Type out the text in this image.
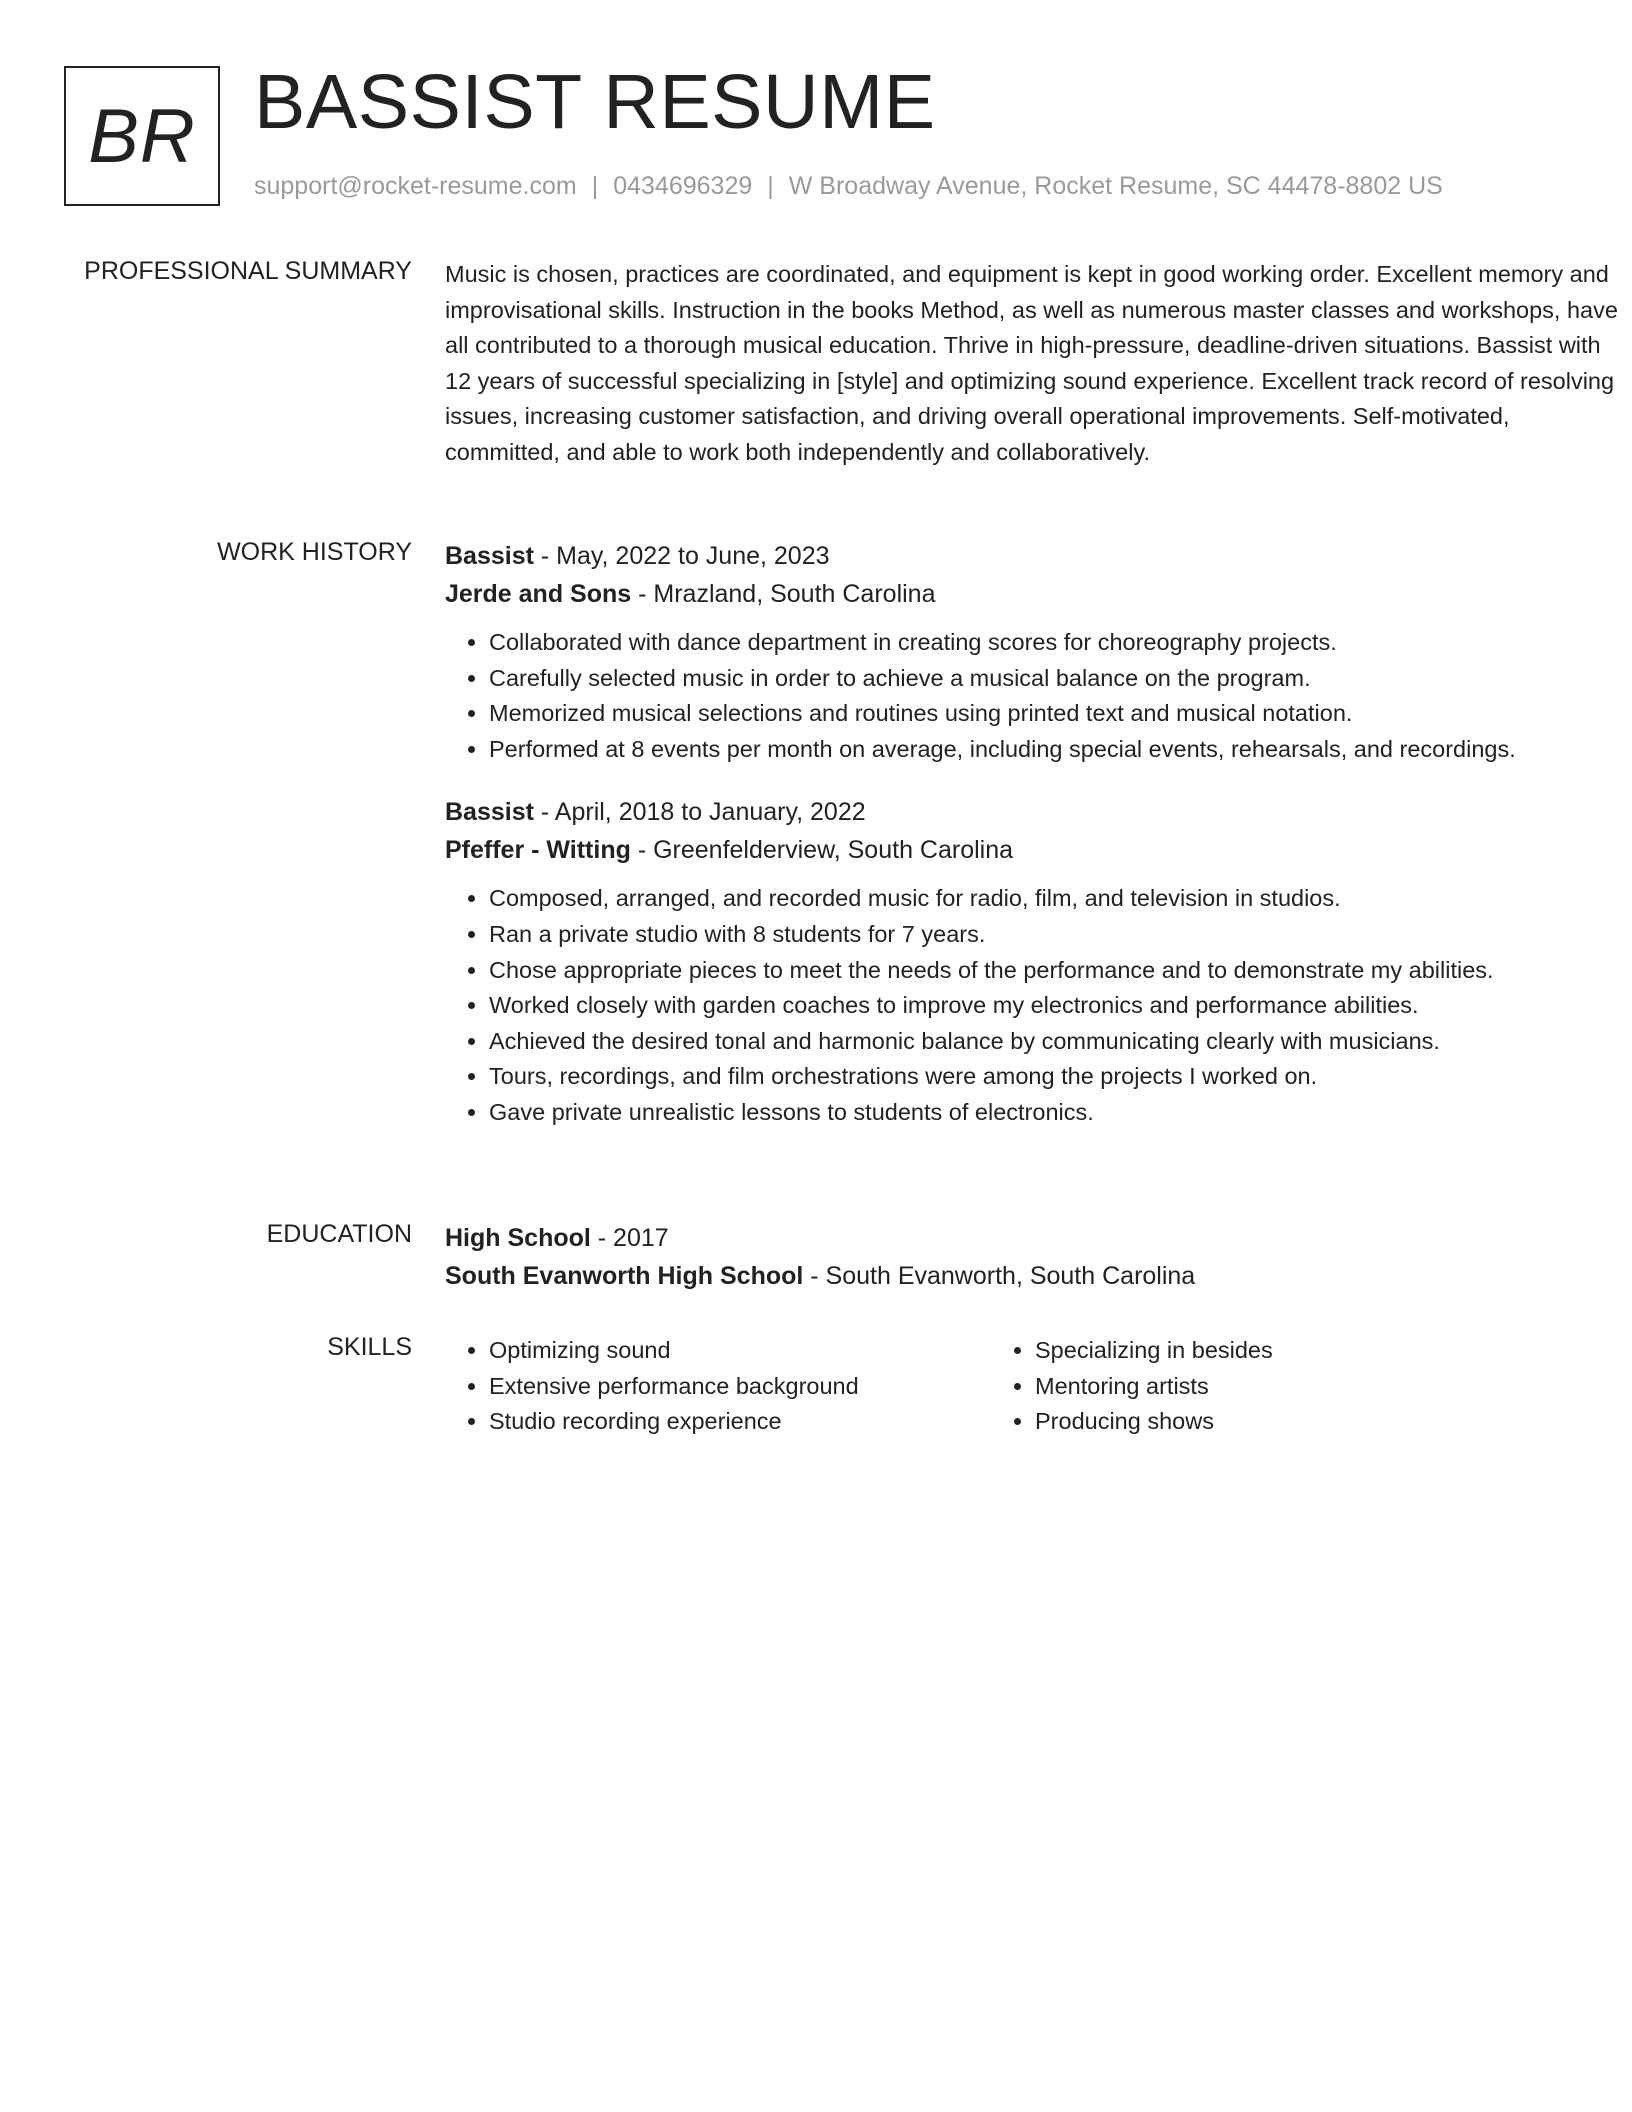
BR BASSIST RESUME
support@rocket-resume.com | 0434696329 | W Broadway Avenue, Rocket Resume, SC 44478-8802 US
PROFESSIONAL SUMMARY Music is chosen, practices are coordinated, and equipment is kept in good working order. Excellent memory and improvisational skills. Instruction in the books Method, as well as numerous master classes and workshops, have all contributed to a thorough musical education. Thrive in high-pressure, deadline-driven situations. Bassist with 12 years of successful specializing in [style] and optimizing sound experience. Excellent track record of resolving issues, increasing customer satisfaction, and driving overall operational improvements. Self-motivated, committed, and able to work both independently and collaboratively.

WORK HISTORY Bassist - May, 2022 to June, 2023
Jerde and Sons - Mrazland, South Carolina
• Collaborated with dance department in creating scores for choreography projects.
• Carefully selected music in order to achieve a musical balance on the program.
• Memorized musical selections and routines using printed text and musical notation.
• Performed at 8 events per month on average, including special events, rehearsals, and recordings.
Bassist - April, 2018 to January, 2022
Pfeffer - Witting - Greenfelderview, South Carolina
• Composed, arranged, and recorded music for radio, film, and television in studios.
• Ran a private studio with 8 students for 7 years.
• Chose appropriate pieces to meet the needs of the performance and to demonstrate my abilities.
• Worked closely with garden coaches to improve my electronics and performance abilities.
• Achieved the desired tonal and harmonic balance by communicating clearly with musicians.
• Tours, recordings, and film orchestrations were among the projects I worked on.
• Gave private unrealistic lessons to students of electronics.
EDUCATION High School - 2017
South Evanworth High School - South Evanworth, South Carolina
SKILLS
•	Optimizing sound
• Extensive performance background
• Studio recording experience
• Specializing in besides
• Mentoring artists
• Producing shows
